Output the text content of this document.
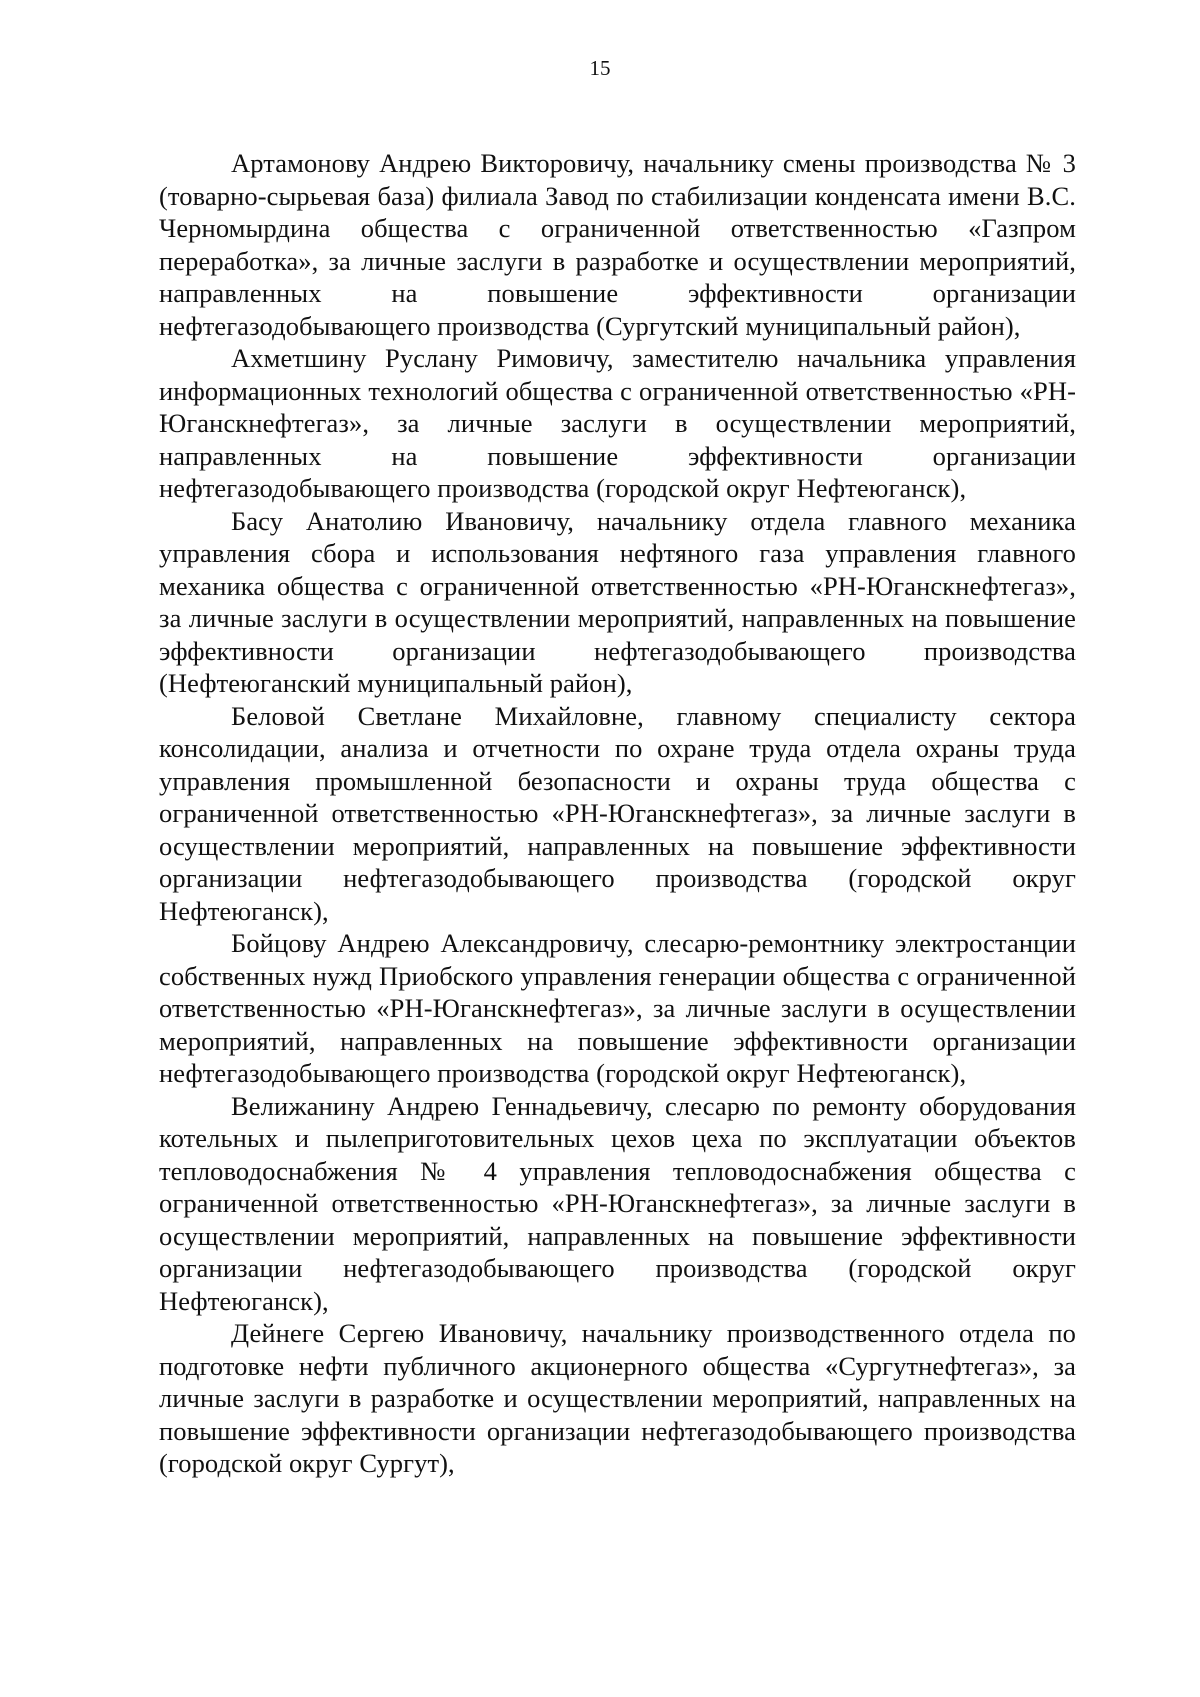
15

Артамонову Андрею Викторовичу, начальнику смены производства № 3 (товарно-сырьевая база) филиала Завод по стабилизации конденсата имени В.С. Черномырдина общества с ограниченной ответственностью «Газпром переработка», за личные заслуги в разработке и осуществлении мероприятий, направленных на повышение эффективности организации нефтегазодобывающего производства (Сургутский муниципальный район),

Ахметшину Руслану Римовичу, заместителю начальника управления информационных технологий общества с ограниченной ответственностью «РН-Юганскнефтегаз», за личные заслуги в осуществлении мероприятий, направленных на повышение эффективности организации нефтегазодобывающего производства (городской округ Нефтеюганск),

Басу Анатолию Ивановичу, начальнику отдела главного механика управления сбора и использования нефтяного газа управления главного механика общества с ограниченной ответственностью «РН-Юганскнефтегаз», за личные заслуги в осуществлении мероприятий, направленных на повышение эффективности организации нефтегазодобывающего производства (Нефтеюганский муниципальный район),

Беловой Светлане Михайловне, главному специалисту сектора консолидации, анализа и отчетности по охране труда отдела охраны труда управления промышленной безопасности и охраны труда общества с ограниченной ответственностью «РН-Юганскнефтегаз», за личные заслуги в осуществлении мероприятий, направленных на повышение эффективности организации нефтегазодобывающего производства (городской округ Нефтеюганск),

Бойцову Андрею Александровичу, слесарю-ремонтнику электростанции собственных нужд Приобского управления генерации общества с ограниченной ответственностью «РН-Юганскнефтегаз», за личные заслуги в осуществлении мероприятий, направленных на повышение эффективности организации нефтегазодобывающего производства (городской округ Нефтеюганск),

Велижанину Андрею Геннадьевичу, слесарю по ремонту оборудования котельных и пылеприготовительных цехов цеха по эксплуатации объектов тепловодоснабжения № 4 управления тепловодоснабжения общества с ограниченной ответственностью «РН-Юганскнефтегаз», за личные заслуги в осуществлении мероприятий, направленных на повышение эффективности организации нефтегазодобывающего производства (городской округ Нефтеюганск),

Дейнеге Сергею Ивановичу, начальнику производственного отдела по подготовке нефти публичного акционерного общества «Сургутнефтегаз», за личные заслуги в разработке и осуществлении мероприятий, направленных на повышение эффективности организации нефтегазодобывающего производства (городской округ Сургут),
